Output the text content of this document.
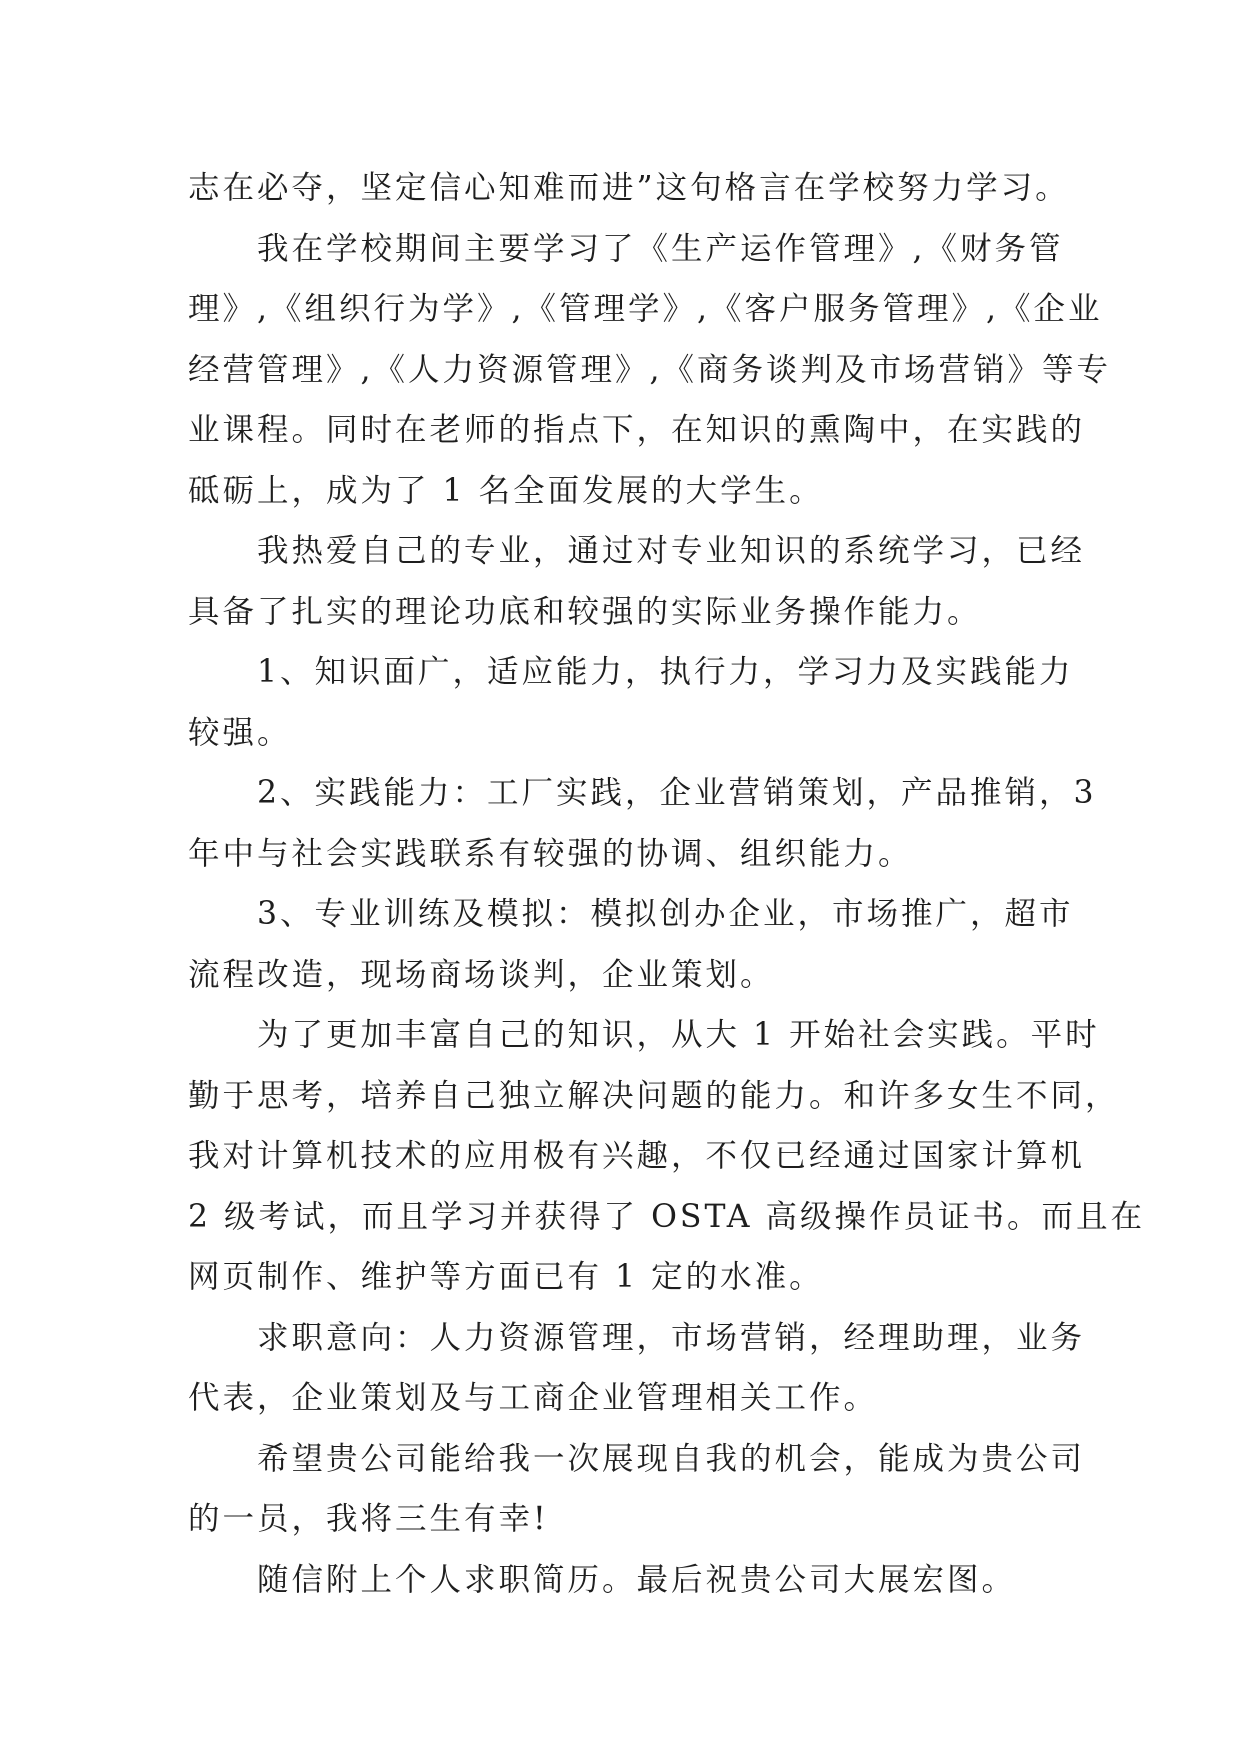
志在必夺，坚定信心知难而进”这句格言在学校努力学习。

我在学校期间主要学习了《生产运作管理》,《财务管
理》,《组织行为学》,《管理学》,《客户服务管理》,《企业
经营管理》,《人力资源管理》,《商务谈判及市场营销》等专
业课程。同时在老师的指点下，在知识的熏陶中，在实践的
砥砺上，成为了 1 名全面发展的大学生。

我热爱自己的专业，通过对专业知识的系统学习，已经
具备了扎实的理论功底和较强的实际业务操作能力。

1、知识面广，适应能力，执行力，学习力及实践能力
较强。

2、实践能力：工厂实践，企业营销策划，产品推销，3
年中与社会实践联系有较强的协调、组织能力。

3、专业训练及模拟：模拟创办企业，市场推广，超市
流程改造，现场商场谈判，企业策划。

为了更加丰富自己的知识，从大 1 开始社会实践。平时
勤于思考，培养自己独立解决问题的能力。和许多女生不同，
我对计算机技术的应用极有兴趣，不仅已经通过国家计算机
2 级考试，而且学习并获得了 OSTA 高级操作员证书。而且在
网页制作、维护等方面已有 1 定的水准。

求职意向：人力资源管理，市场营销，经理助理，业务
代表，企业策划及与工商企业管理相关工作。

希望贵公司能给我一次展现自我的机会，能成为贵公司
的一员，我将三生有幸!

随信附上个人求职简历。最后祝贵公司大展宏图。
